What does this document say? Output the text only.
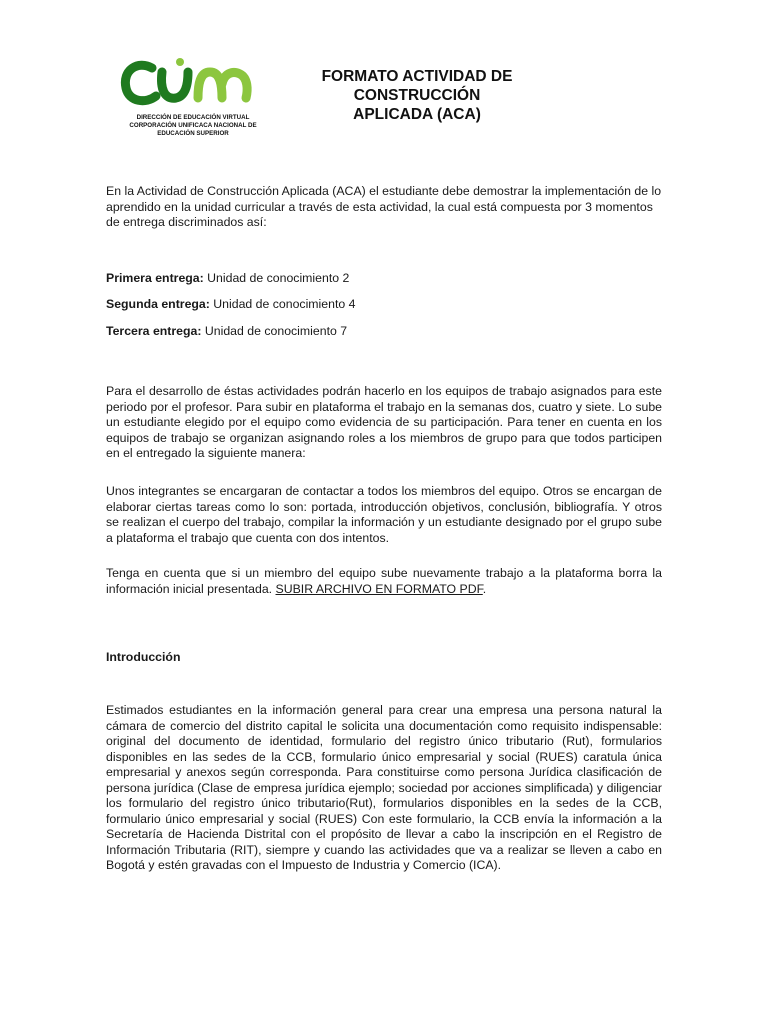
DIRECCIÓN DE EDUCACIÓN VIRTUAL
CORPORACIÓN UNIFICACA NACIONAL DE
EDUCACIÓN SUPERIOR
FORMATO ACTIVIDAD DE CONSTRUCCIÓN
APLICADA (ACA)
En la Actividad de Construcción Aplicada (ACA) el estudiante debe demostrar la implementación de lo aprendido en la unidad curricular a través de esta actividad, la cual está compuesta por 3 momentos de entrega discriminados así:
Primera entrega: Unidad de conocimiento 2
Segunda entrega: Unidad de conocimiento 4
Tercera entrega: Unidad de conocimiento 7
Para el desarrollo de éstas actividades podrán hacerlo en los equipos de trabajo asignados para este periodo por el profesor. Para subir en plataforma el trabajo en la semanas dos, cuatro y siete. Lo sube un estudiante elegido por el equipo como evidencia de su participación. Para tener en cuenta en los equipos de trabajo se organizan asignando roles a los miembros de grupo para que todos participen en el entregado la siguiente manera:
Unos integrantes se encargaran de contactar a todos los miembros del equipo. Otros se encargan de elaborar ciertas tareas como lo son: portada, introducción objetivos, conclusión, bibliografía. Y otros se realizan el cuerpo del trabajo, compilar la información y un estudiante designado por el grupo sube a plataforma el trabajo que cuenta con dos intentos.
Tenga en cuenta que si un miembro del equipo sube nuevamente trabajo a la plataforma borra la información inicial presentada. SUBIR ARCHIVO EN FORMATO PDF.
Introducción
Estimados estudiantes en la información general para crear una empresa una persona natural la cámara de comercio del distrito capital le solicita una documentación como requisito indispensable: original del documento de identidad, formulario del registro único tributario (Rut), formularios disponibles en las sedes de la CCB, formulario único empresarial y social (RUES) caratula única empresarial y anexos según corresponda. Para constituirse como persona Jurídica clasificación de persona jurídica (Clase de empresa jurídica ejemplo; sociedad por acciones simplificada) y diligenciar los formulario del registro único tributario(Rut), formularios disponibles en la sedes de la CCB, formulario único empresarial y social (RUES) Con este formulario, la CCB envía la información a la Secretaría de Hacienda Distrital con el propósito de llevar a cabo la inscripción en el Registro de Información Tributaria (RIT), siempre y cuando las actividades que va a realizar se lleven a cabo en Bogotá y estén gravadas con el Impuesto de Industria y Comercio (ICA).
